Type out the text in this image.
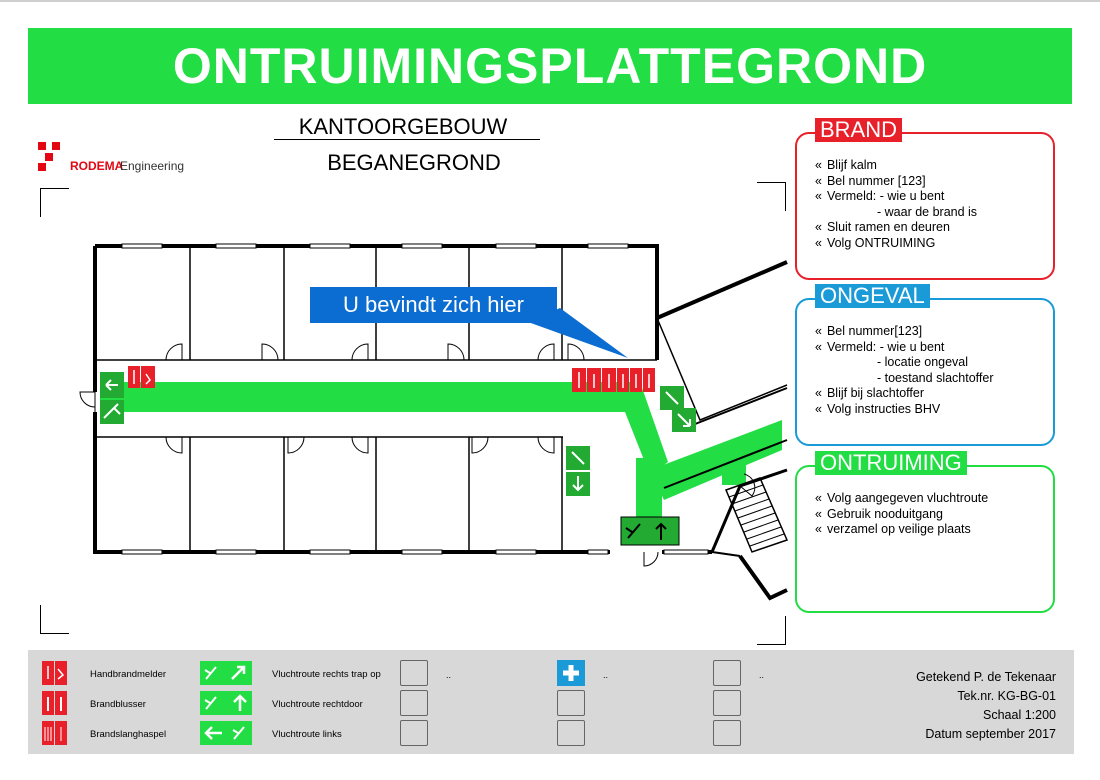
ONTRUIMINGSPLATTEGROND
RODEMA
Engineering
KANTOORGEBOUW
BEGANEGROND
U bevindt zich hier
BRAND
« Blijf kalm
« Bel nummer [123]
« Vermeld: - wie u bent
- waar de brand is
« Sluit ramen en deuren
« Volg ONTRUIMING
ONGEVAL
« Bel nummer[123]
« Vermeld: - wie u bent
- locatie ongeval
- toestand slachtoffer
« Blijf bij slachtoffer
« Volg instructies BHV
ONTRUIMING
« Volg aangegeven vluchtroute
« Gebruik nooduitgang
« verzamel op veilige plaats
Handbrandmelder
Brandblusser
Brandslanghaspel
Vluchtroute rechts trap op
Vluchtroute rechtdoor
Vluchtroute links
..	..	..	Getekend P. de Tekenaar
Tek.nr. KG-BG-01
Schaal 1:200
Datum september 2017
